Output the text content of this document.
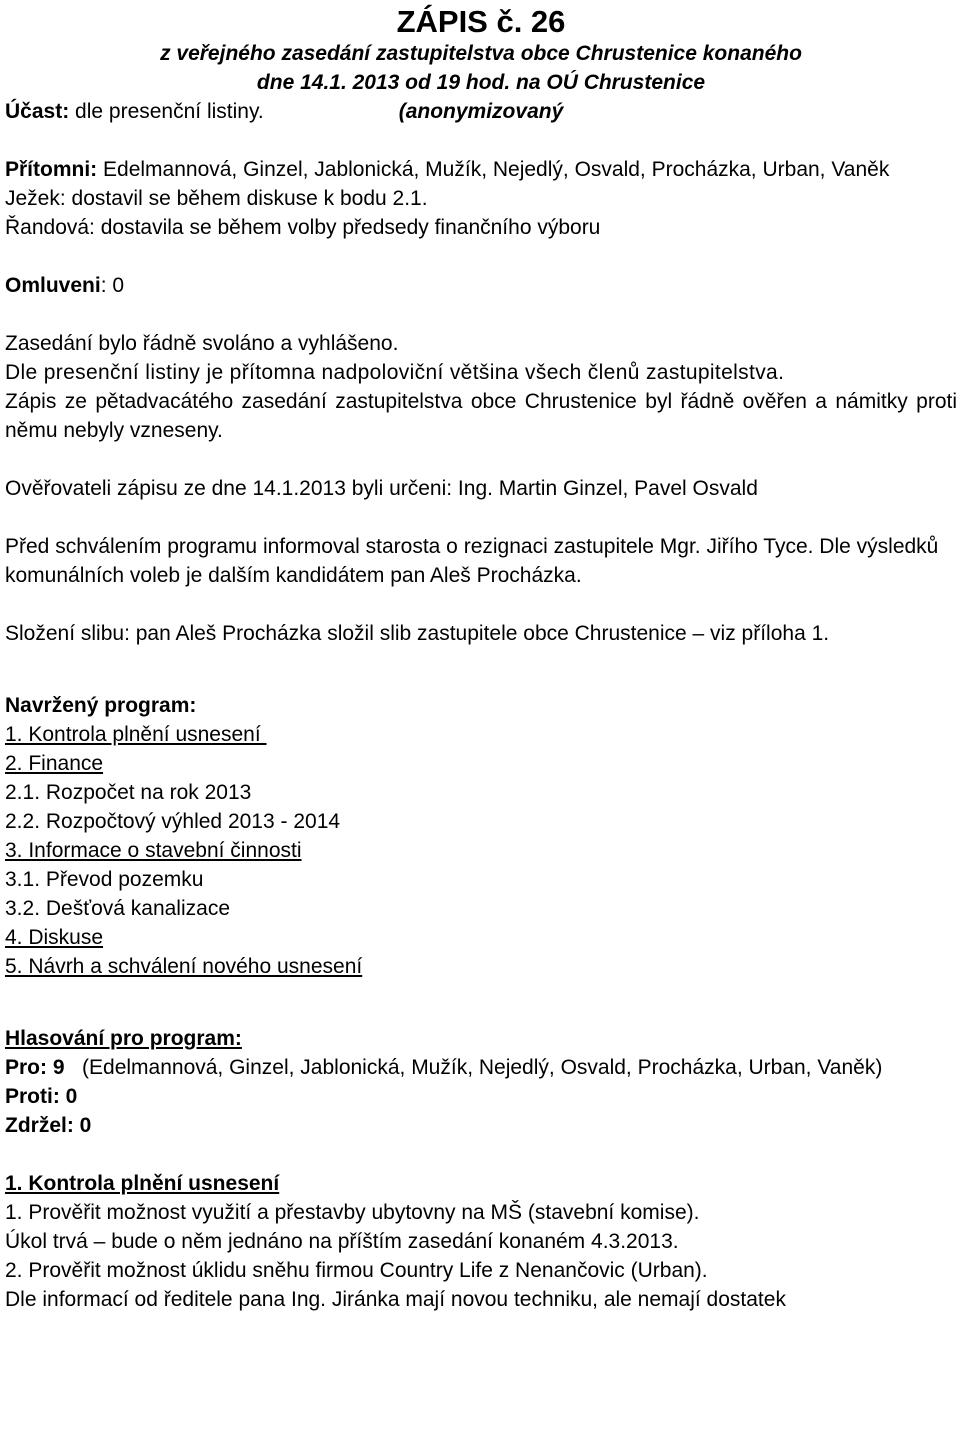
ZÁPIS č. 26

z veřejného zasedání zastupitelstva obce Chrustenice konaného

dne 14.1. 2013 od 19 hod. na OÚ Chrustenice

(anonymizovaný

Účast: dle presenční listiny.

Přítomni: Edelmannová, Ginzel, Jablonická, Mužík, Nejedlý, Osvald, Procházka, Urban, Vaněk

Ježek: dostavil se během diskuse k bodu 2.1.

Řandová: dostavila se během volby předsedy finančního výboru

Omluveni: 0

Zasedání bylo řádně svoláno a vyhlášeno.

Dle presenční listiny je přítomna nadpoloviční většina všech členů zastupitelstva.

Zápis ze pětadvacátého zasedání zastupitelstva obce Chrustenice byl řádně ověřen a námitky proti němu nebyly vzneseny.

Ověřovateli zápisu ze dne 14.1.2013 byli určeni: Ing. Martin Ginzel, Pavel Osvald

Před schválením programu informoval starosta o rezignaci zastupitele Mgr. Jiřího Tyce. Dle výsledků komunálních voleb je dalším kandidátem pan Aleš Procházka.

Složení slibu: pan Aleš Procházka složil slib zastupitele obce Chrustenice – viz příloha 1.

Navržený program:

1. Kontrola plnění usnesení

2. Finance

2.1. Rozpočet na rok 2013

2.2. Rozpočtový výhled 2013 - 2014

3. Informace o stavební činnosti

3.1. Převod pozemku

3.2. Dešťová kanalizace

4. Diskuse

5. Návrh a schválení nového usnesení

Hlasování pro program:

Pro: 9   (Edelmannová, Ginzel, Jablonická, Mužík, Nejedlý, Osvald, Procházka, Urban, Vaněk)

Proti: 0

Zdržel: 0

1. Kontrola plnění usnesení

1. Prověřit možnost využití a přestavby ubytovny na MŠ (stavební komise).

Úkol trvá – bude o něm jednáno na příštím zasedání konaném 4.3.2013.

2. Prověřit možnost úklidu sněhu firmou Country Life z Nenančovic (Urban).

Dle informací od ředitele pana Ing. Jiránka mají novou techniku, ale nemají dostatek
